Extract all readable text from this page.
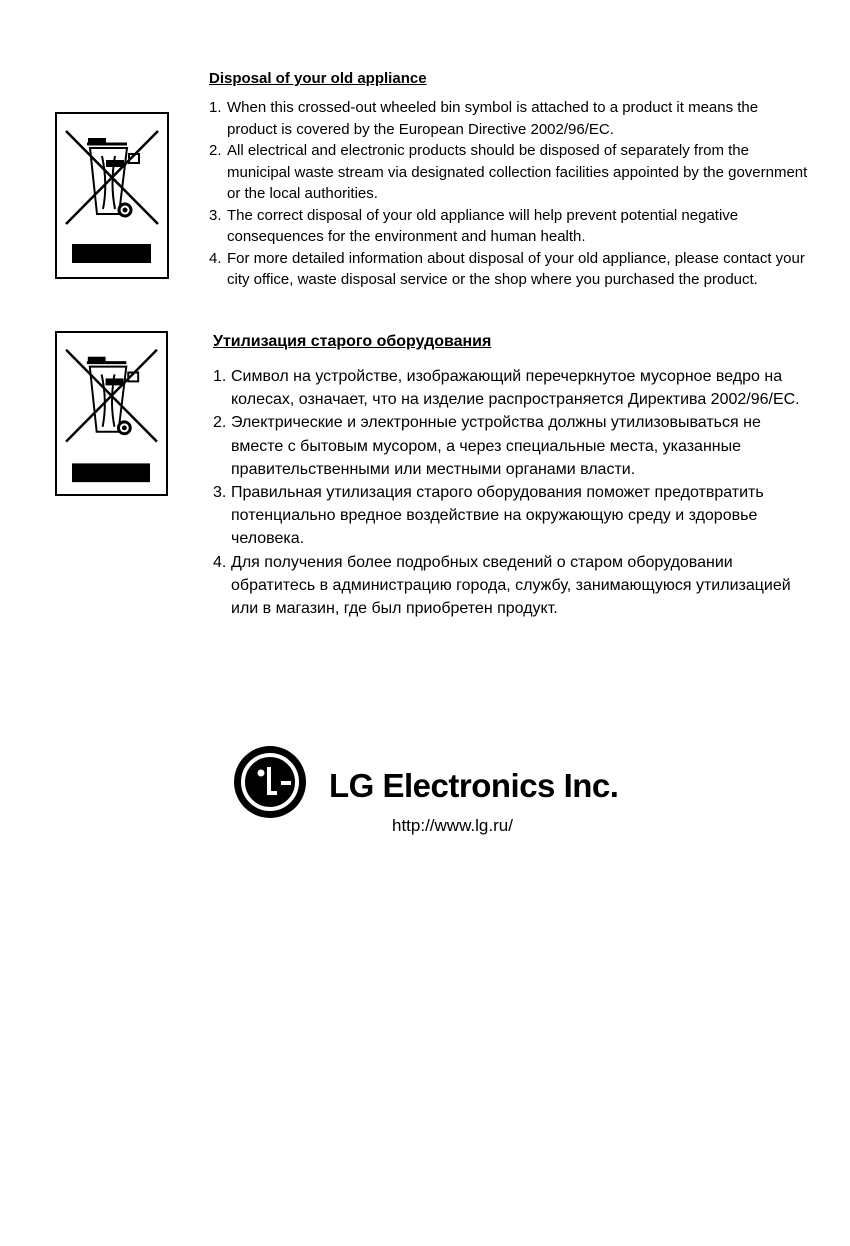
Disposal of your old appliance
1. When this crossed-out wheeled bin symbol is attached to a product it means the product is covered by the European Directive 2002/96/EC.
2. All electrical and electronic products should be disposed of separately from the municipal waste stream via designated collection facilities appointed by the government or the local authorities.
3. The correct disposal of your old appliance will help prevent potential negative consequences for the environment and human health.
4. For more detailed information about disposal of your old appliance, please contact your city office, waste disposal service or the shop where you purchased the product.
Утилизация старого оборудования
1. Символ на устройстве, изображающий перечеркнутое мусорное ведро на колесах, означает, что на изделие распространяется Директива 2002/96/EC.
2. Электрические и электронные устройства должны утилизовываться не вместе с бытовым мусором, а через специальные места, указанные правительственными или местными органами власти.
3. Правильная утилизация старого оборудования поможет предотвратить потенциально вредное воздействие на окружающую среду и здоровье человека.
4. Для получения более подробных сведений о старом оборудовании обратитесь в администрацию города, службу, занимающуюся утилизацией или в магазин, где был приобретен продукт.
LG Electronics Inc.
http://www.lg.ru/
